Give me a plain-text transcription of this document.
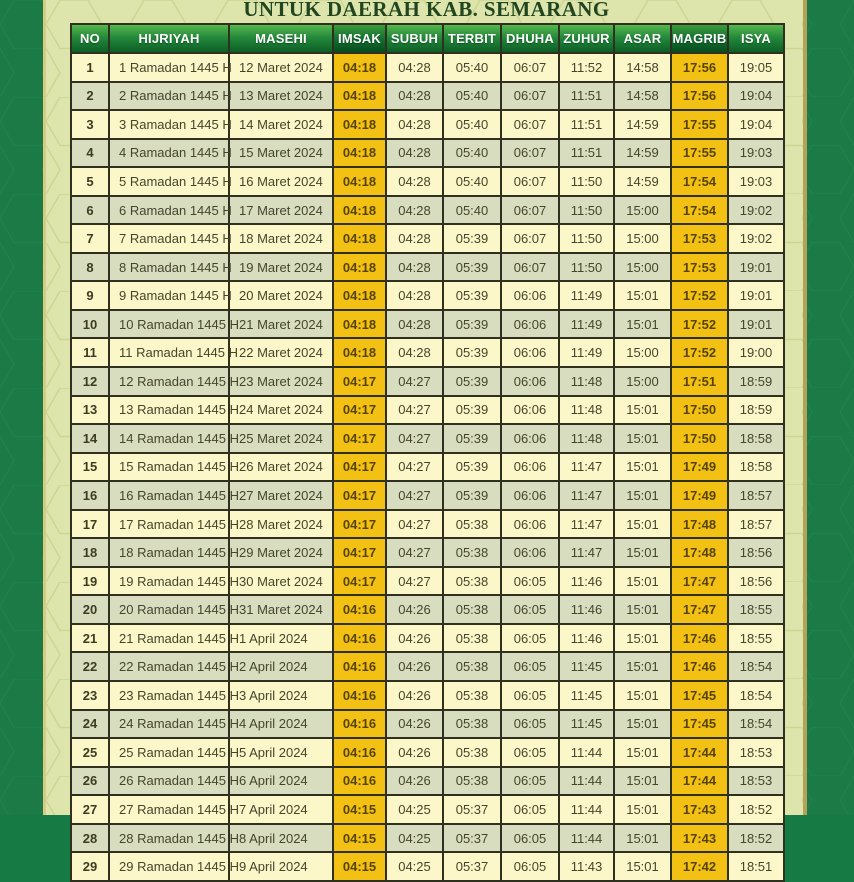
UNTUK DAERAH KAB. SEMARANG
NO	HIJRIYAH	MASEHI	IMSAK	SUBUH	TERBIT	DHUHA	ZUHUR	ASAR	MAGRIB	ISYA
1	1 Ramadan 1445 H	12 Maret 2024	04:18	04:28	05:40	06:07	11:52	14:58	17:56	19:05
2	2 Ramadan 1445 H	13 Maret 2024	04:18	04:28	05:40	06:07	11:51	14:58	17:56	19:04
3	3 Ramadan 1445 H	14 Maret 2024	04:18	04:28	05:40	06:07	11:51	14:59	17:55	19:04
4	4 Ramadan 1445 H	15 Maret 2024	04:18	04:28	05:40	06:07	11:51	14:59	17:55	19:03
5	5 Ramadan 1445 H	16 Maret 2024	04:18	04:28	05:40	06:07	11:50	14:59	17:54	19:03
6	6 Ramadan 1445 H	17 Maret 2024	04:18	04:28	05:40	06:07	11:50	15:00	17:54	19:02
7	7 Ramadan 1445 H	18 Maret 2024	04:18	04:28	05:39	06:07	11:50	15:00	17:53	19:02
8	8 Ramadan 1445 H	19 Maret 2024	04:18	04:28	05:39	06:07	11:50	15:00	17:53	19:01
9	9 Ramadan 1445 H	20 Maret 2024	04:18	04:28	05:39	06:06	11:49	15:01	17:52	19:01
10	10 Ramadan 1445 H	21 Maret 2024	04:18	04:28	05:39	06:06	11:49	15:01	17:52	19:01
11	11 Ramadan 1445 H	22 Maret 2024	04:18	04:28	05:39	06:06	11:49	15:00	17:52	19:00
12	12 Ramadan 1445 H	23 Maret 2024	04:17	04:27	05:39	06:06	11:48	15:00	17:51	18:59
13	13 Ramadan 1445 H	24 Maret 2024	04:17	04:27	05:39	06:06	11:48	15:01	17:50	18:59
14	14 Ramadan 1445 H	25 Maret 2024	04:17	04:27	05:39	06:06	11:48	15:01	17:50	18:58
15	15 Ramadan 1445 H	26 Maret 2024	04:17	04:27	05:39	06:06	11:47	15:01	17:49	18:58
16	16 Ramadan 1445 H	27 Maret 2024	04:17	04:27	05:39	06:06	11:47	15:01	17:49	18:57
17	17 Ramadan 1445 H	28 Maret 2024	04:17	04:27	05:38	06:06	11:47	15:01	17:48	18:57
18	18 Ramadan 1445 H	29 Maret 2024	04:17	04:27	05:38	06:06	11:47	15:01	17:48	18:56
19	19 Ramadan 1445 H	30 Maret 2024	04:17	04:27	05:38	06:05	11:46	15:01	17:47	18:56
20	20 Ramadan 1445 H	31 Maret 2024	04:16	04:26	05:38	06:05	11:46	15:01	17:47	18:55
21	21 Ramadan 1445 H	1 April 2024	04:16	04:26	05:38	06:05	11:46	15:01	17:46	18:55
22	22 Ramadan 1445 H	2 April 2024	04:16	04:26	05:38	06:05	11:45	15:01	17:46	18:54
23	23 Ramadan 1445 H	3 April 2024	04:16	04:26	05:38	06:05	11:45	15:01	17:45	18:54
24	24 Ramadan 1445 H	4 April 2024	04:16	04:26	05:38	06:05	11:45	15:01	17:45	18:54
25	25 Ramadan 1445 H	5 April 2024	04:16	04:26	05:38	06:05	11:44	15:01	17:44	18:53
26	26 Ramadan 1445 H	6 April 2024	04:16	04:26	05:38	06:05	11:44	15:01	17:44	18:53
27	27 Ramadan 1445 H	7 April 2024	04:15	04:25	05:37	06:05	11:44	15:01	17:43	18:52
28	28 Ramadan 1445 H	8 April 2024	04:15	04:25	05:37	06:05	11:44	15:01	17:43	18:52
29	29 Ramadan 1445 H	9 April 2024	04:15	04:25	05:37	06:05	11:43	15:01	17:42	18:51
